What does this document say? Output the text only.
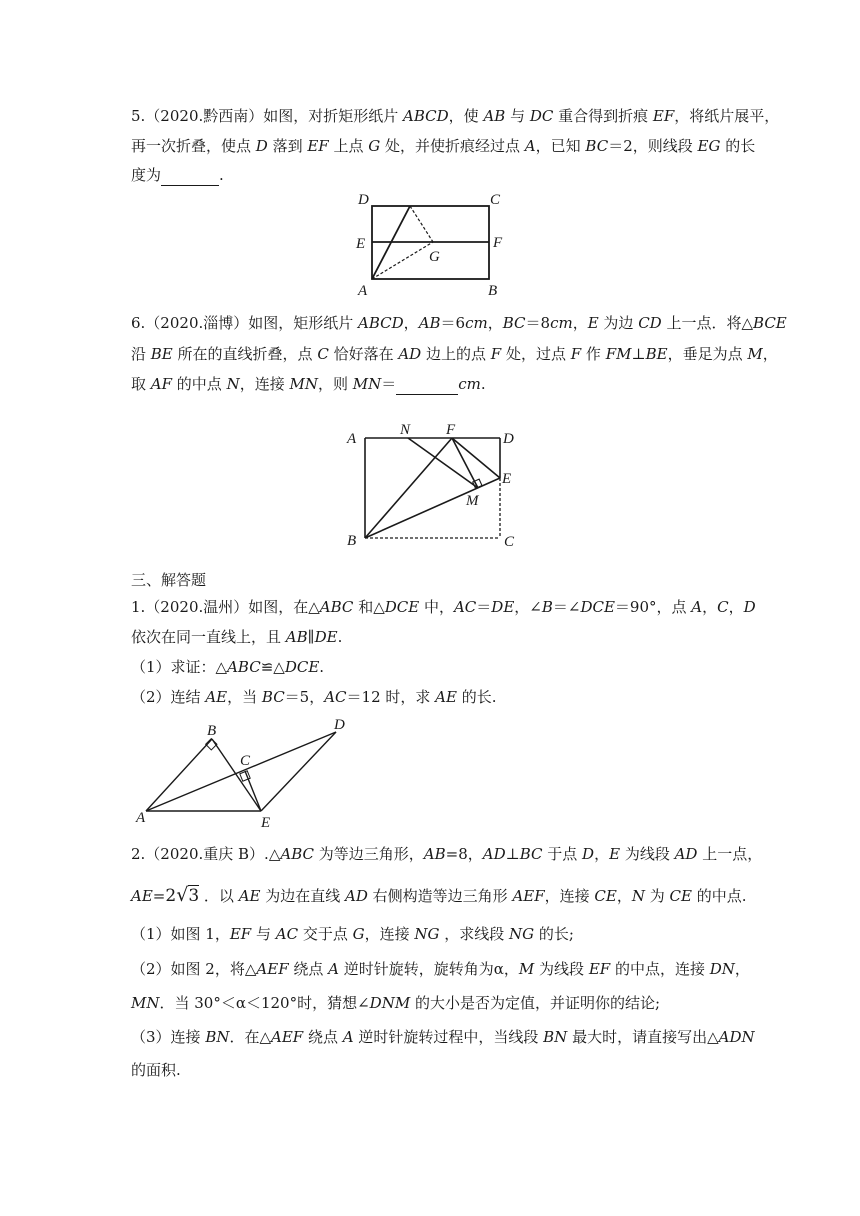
5.（2020.黔西南）如图，对折矩形纸片 ABCD，使 AB 与 DC 重合得到折痕 EF，将纸片展平，
再一次折叠，使点 D 落到 EF 上点 G 处，并使折痕经过点 A，已知 BC＝2，则线段 EG 的长
度为	.
D	C
E	F
G
A	B
6.（2020.淄博）如图，矩形纸片 ABCD，AB＝6cm，BC＝8cm，E 为边 CD 上一点．将△BCE
沿 BE 所在的直线折叠，点 C 恰好落在 AD 边上的点 F 处，过点 F 作 FM⊥BE，垂足为点 M，
取 AF 的中点 N，连接 MN，则 MN＝	cm.
A
N F
D
E
M
B	C
三、解答题
1.（2020.温州）如图，在△ABC 和△DCE 中，AC＝DE，∠B＝∠DCE＝90°，点 A，C，D
依次在同一直线上，且 AB∥DE.
（1）求证：△ABC≌△DCE.
（2）连结 AE，当 BC＝5，AC＝12 时，求 AE 的长.
B
C
D
A	E
2.（2020.重庆 B）.△ABC 为等边三角形，AB=8，AD⊥BC 于点 D，E 为线段 AD 上一点，
AE=2√3 ．以 AE 为边在直线 AD 右侧构造等边三角形 AEF，连接 CE，N 为 CE 的中点.
（1）如图 1，EF 与 AC 交于点 G，连接 NG ，求线段 NG 的长;
（2）如图 2，将△AEF 绕点 A 逆时针旋转，旋转角为α，M 为线段 EF 的中点，连接 DN，
MN．当 30°＜α＜120°时，猜想∠DNM 的大小是否为定值，并证明你的结论;
（3）连接 BN．在△AEF 绕点 A 逆时针旋转过程中，当线段 BN 最大时，请直接写出△ADN
的面积.
